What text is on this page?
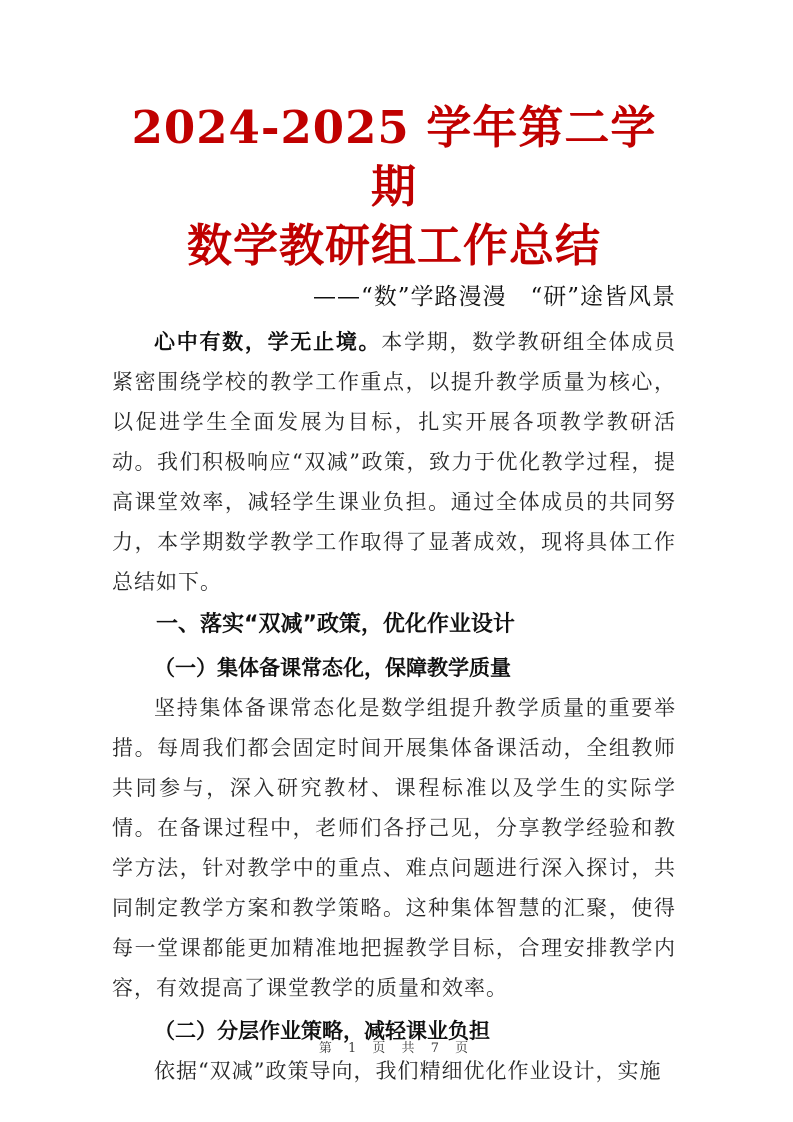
2024-2025 学年第二学期
数学教研组工作总结
——“数”学路漫漫　“研”途皆风景

心中有数，学无止境。本学期，数学教研组全体成员紧密围绕学校的教学工作重点，以提升教学质量为核心，以促进学生全面发展为目标，扎实开展各项教学教研活动。我们积极响应“双减”政策，致力于优化教学过程，提高课堂效率，减轻学生课业负担。通过全体成员的共同努力，本学期数学教学工作取得了显著成效，现将具体工作总结如下。

一、落实“双减”政策，优化作业设计
（一）集体备课常态化，保障教学质量

坚持集体备课常态化是数学组提升教学质量的重要举措。每周我们都会固定时间开展集体备课活动，全组教师共同参与，深入研究教材、课程标准以及学生的实际学情。在备课过程中，老师们各抒己见，分享教学经验和教学方法，针对教学中的重点、难点问题进行深入探讨，共同制定教学方案和教学策略。这种集体智慧的汇聚，使得每一堂课都能更加精准地把握教学目标，合理安排教学内容，有效提高了课堂教学的质量和效率。

（二）分层作业策略，减轻课业负担

依据“双减”政策导向，我们精细优化作业设计，实施

第 1 页 共 7 页
